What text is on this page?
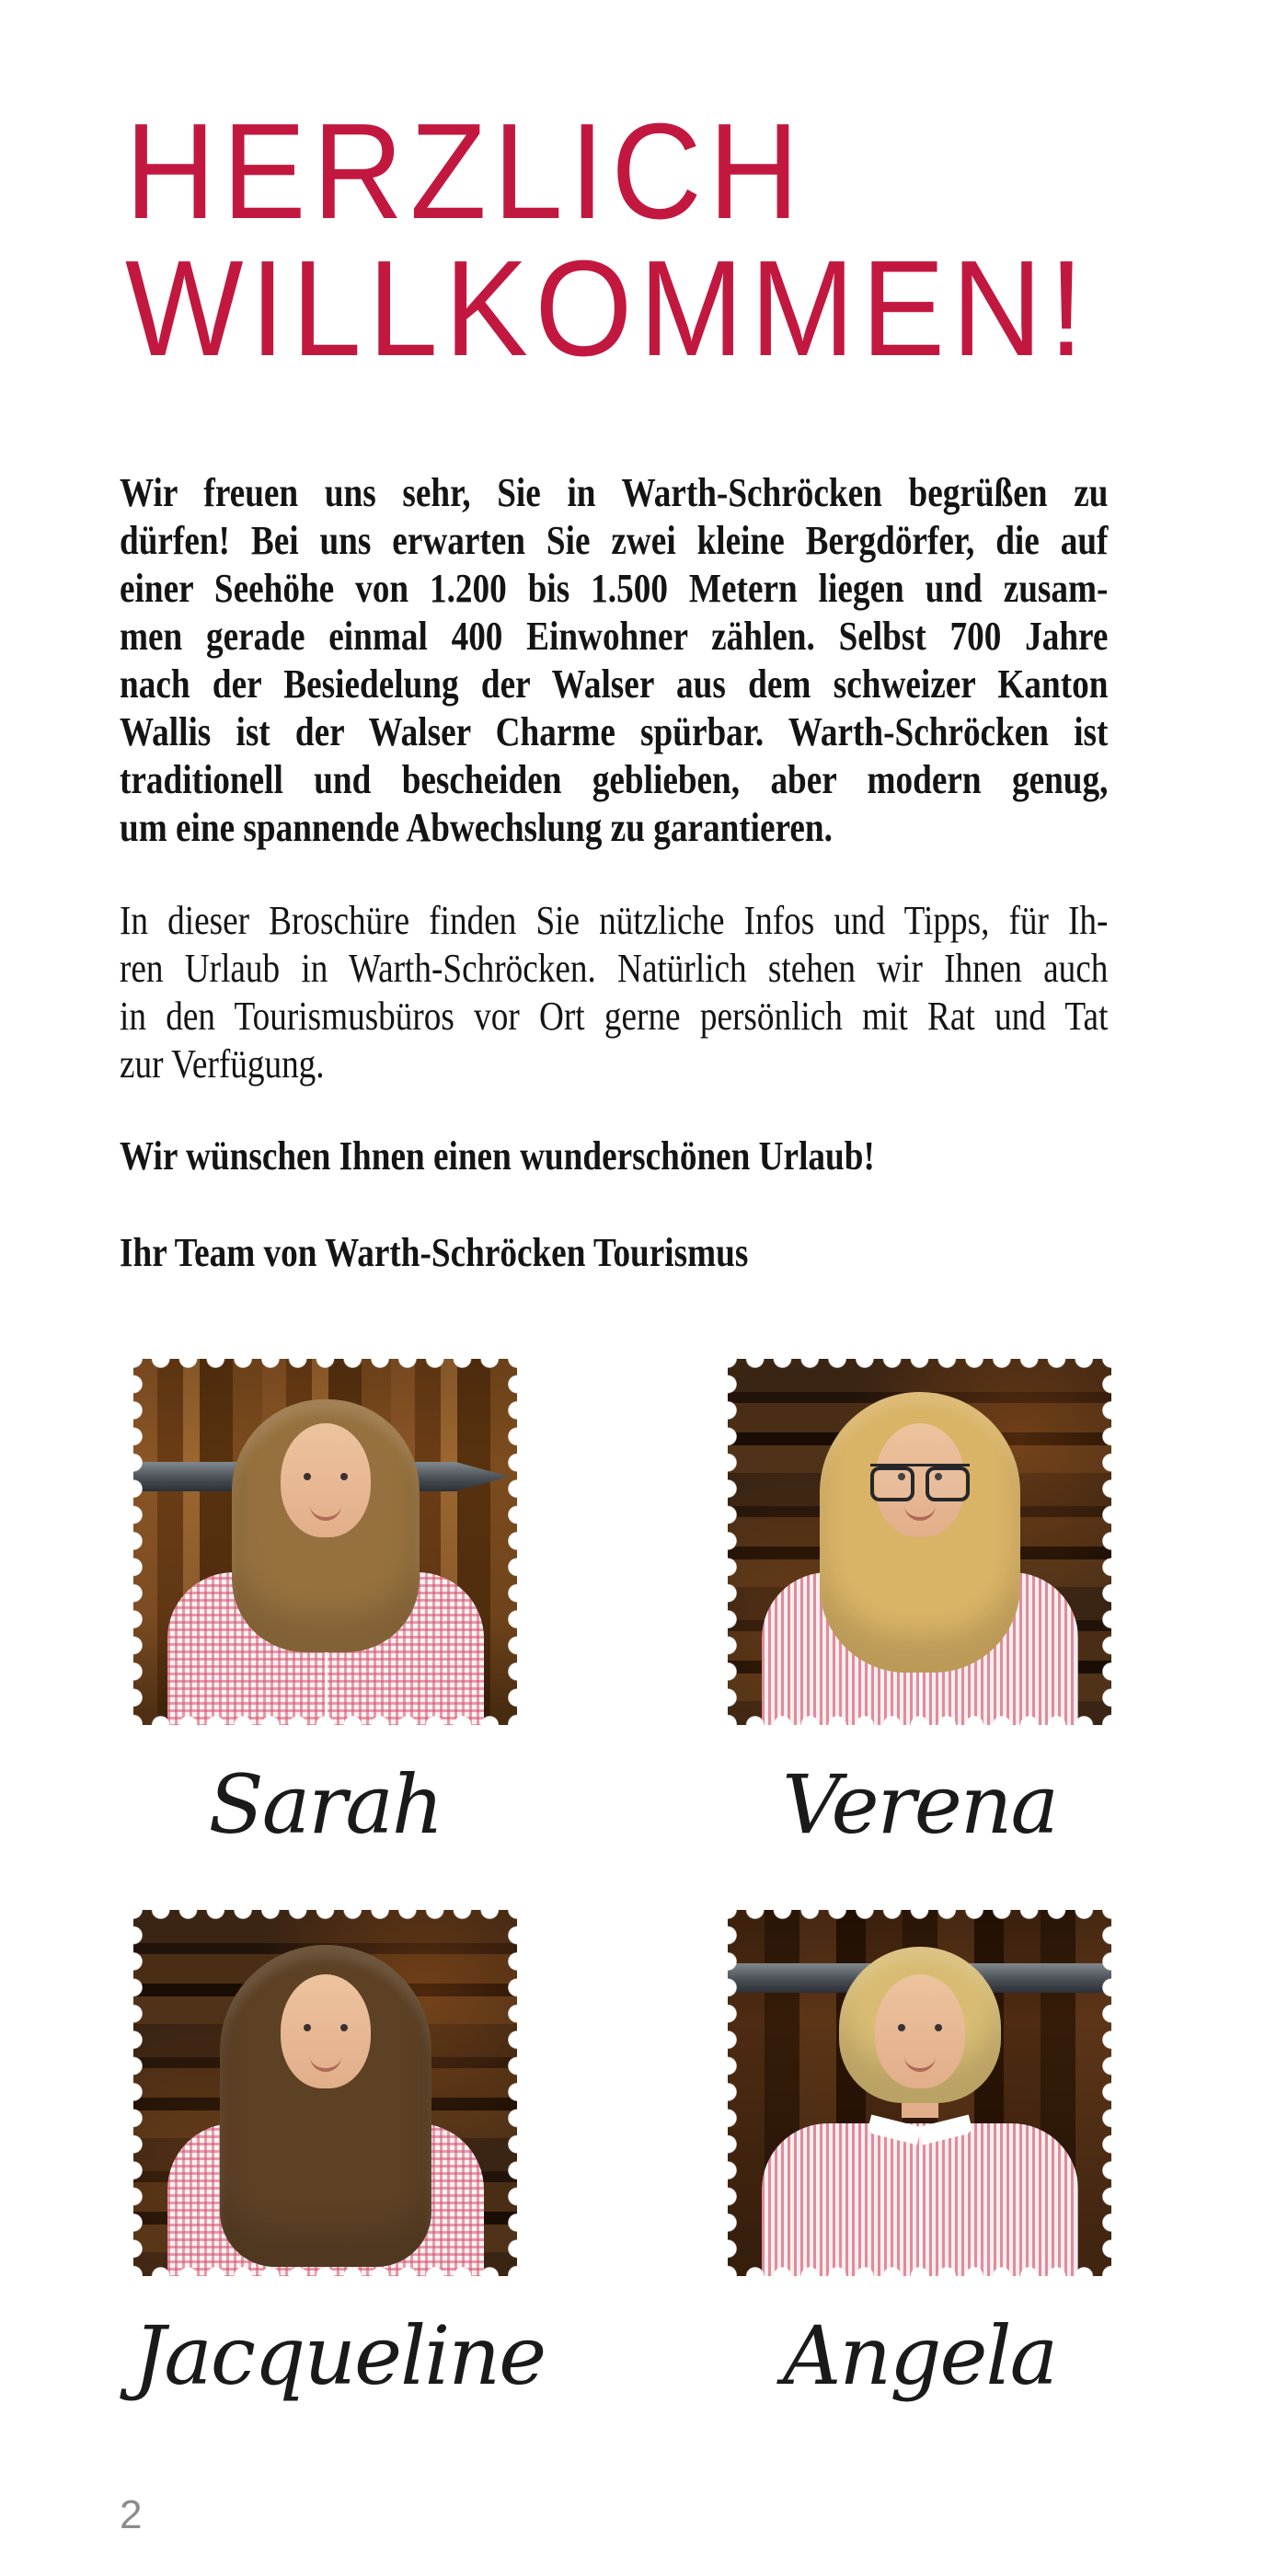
HERZLICH
WILLKOMMEN!
Wir freuen uns sehr, Sie in Warth-Schröcken begrüßen zu
dürfen! Bei uns erwarten Sie zwei kleine Bergdörfer, die auf
einer Seehöhe von 1.200 bis 1.500 Metern liegen und zusam-
men gerade einmal 400 Einwohner zählen. Selbst 700 Jahre
nach der Besiedelung der Walser aus dem schweizer Kanton
Wallis ist der Walser Charme spürbar. Warth-Schröcken ist
traditionell und bescheiden geblieben, aber modern genug,
um eine spannende Abwechslung zu garantieren.
In dieser Broschüre finden Sie nützliche Infos und Tipps, für Ih-
ren Urlaub in Warth-Schröcken. Natürlich stehen wir Ihnen auch
in den Tourismusbüros vor Ort gerne persönlich mit Rat und Tat
zur Verfügung.
Wir wünschen Ihnen einen wunderschönen Urlaub!
Ihr Team von Warth-Schröcken Tourismus
Sarah	Verena
Jacqueline	Angela
2
